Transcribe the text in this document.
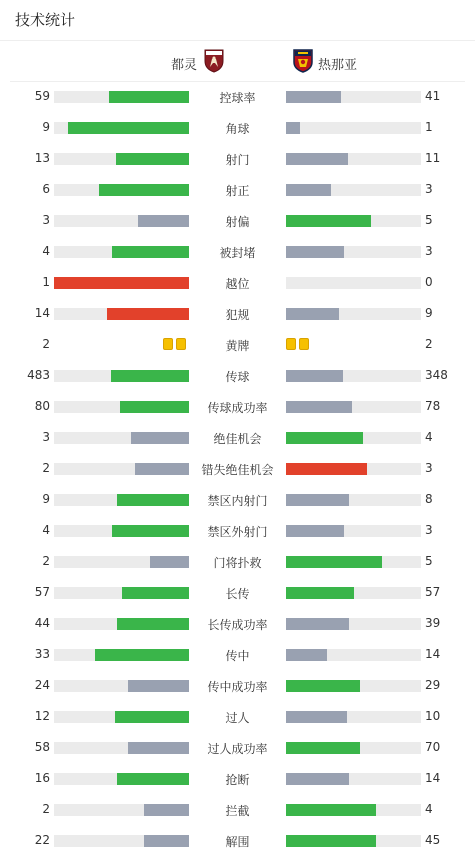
技术统计
都灵	热那亚
59	控球率	41
9	角球	1
13	射门	11
6	射正	3
3	射偏	5
4	被封堵	3
1	越位	0
14	犯规	9
2	黄牌	2
483	传球	348
80	传球成功率	78
3	绝佳机会	4
2	错失绝佳机会	3
9	禁区内射门	8
4	禁区外射门	3
2	门将扑救	5
57	长传	57
44	长传成功率	39
33	传中	14
24	传中成功率	29
12	过人	10
58	过人成功率	70
16	抢断	14
2	拦截	4
22	解围	45
